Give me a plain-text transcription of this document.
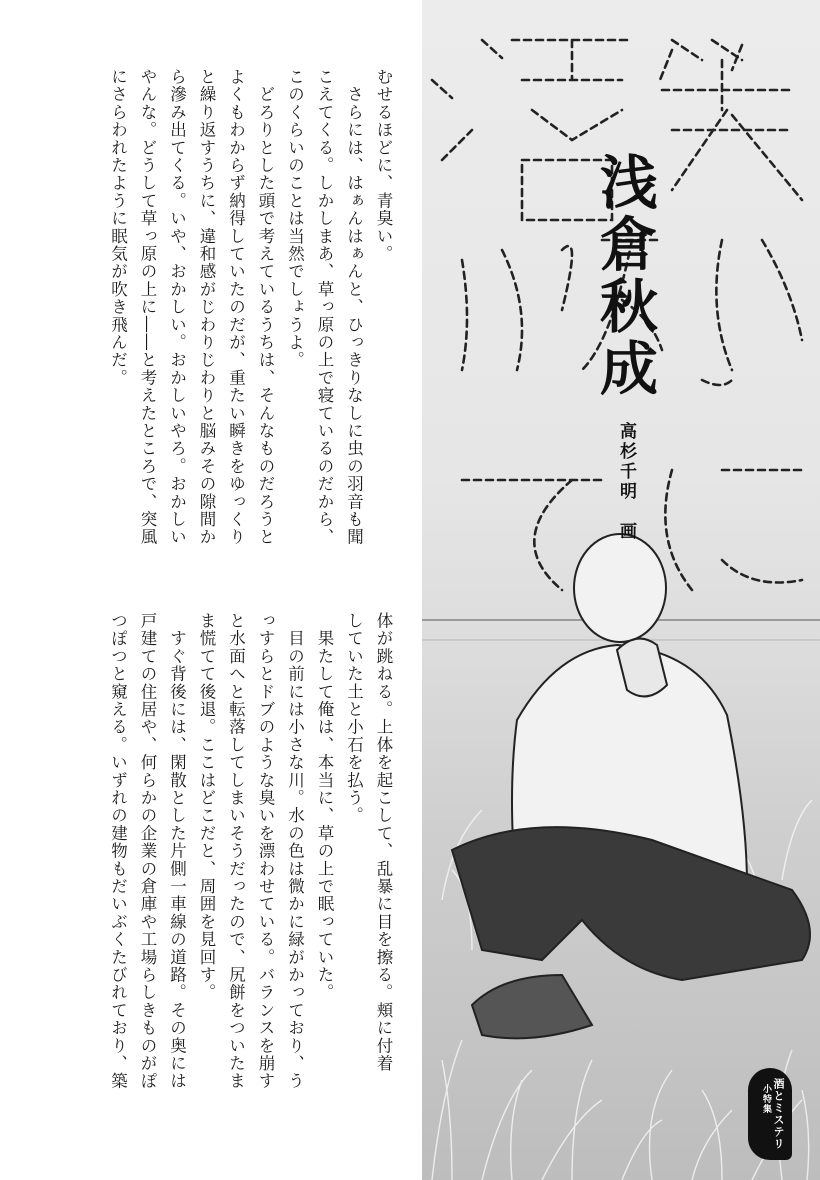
むせるほどに、青臭い。
　さらには、はぁんはぁんと、ひっきりなしに虫の羽音も聞
こえてくる。しかしまあ、草っ原の上で寝ているのだから、
このくらいのことは当然でしょうよ。
　どろりとした頭で考えているうちは、そんなものだろうと
よくもわからず納得していたのだが、重たい瞬きをゆっくり
と繰り返すうちに、違和感がじわりじわりと脳みその隙間か
ら滲み出てくる。いや、おかしい。おかしいやろ。おかしい
やんな。どうして草っ原の上に――と考えたところで、突風
にさらわれたように眠気が吹き飛んだ。
体が跳ねる。上体を起こして、乱暴に目を擦る。頬に付着
していた土と小石を払う。
　果たして俺は、本当に、草の上で眠っていた。
　目の前には小さな川。水の色は微かに緑がかっており、う
っすらとドブのような臭いを漂わせている。バランスを崩す
と水面へと転落してしまいそうだったので、尻餅をついたま
ま慌てて後退。ここはどこだと、周囲を見回す。
　すぐ背後には、閑散とした片側一車線の道路。その奥には
戸建ての住居や、何らかの企業の倉庫や工場らしきものがぽ
つぽつと窺える。いずれの建物もだいぶくたびれており、築
浅倉秋成
高杉千明　画
酒とミステリ
小特集
